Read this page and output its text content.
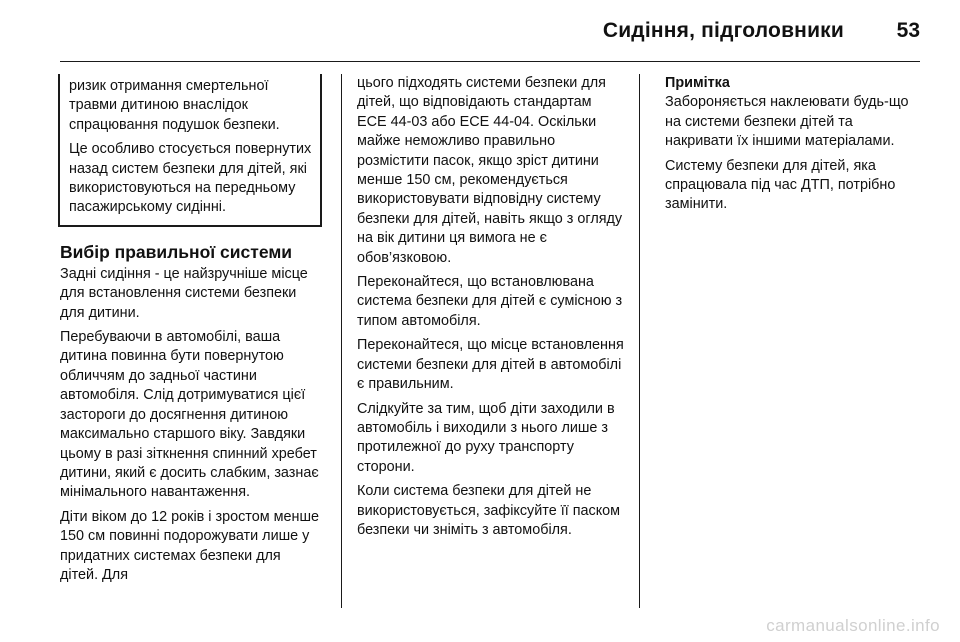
Сидіння, підголовники	53

ризик отримання смертельної травми дитиною внаслідок спрацювання подушок безпеки.

Це особливо стосується повернутих назад систем безпеки для дітей, які використовуються на передньому пасажирському сидінні.

Вибір правильної системи

Задні сидіння - це найзручніше місце для встановлення системи безпеки для дитини.

Перебуваючи в автомобілі, ваша дитина повинна бути повернутою обличчям до задньої частини автомобіля. Слід дотримуватися цієї застороги до досягнення дитиною максимально старшого віку. Завдяки цьому в разі зіткнення спинний хребет дитини, який є досить слабким, зазнає мінімального навантаження.

Діти віком до 12 років і зростом менше 150 см повинні подорожувати лише у придатних системах безпеки для дітей. Для

цього підходять системи безпеки для дітей, що відповідають стандартам ECE 44-03 або ECE 44-04. Оскільки майже неможливо правильно розмістити пасок, якщо зріст дитини менше 150 см, рекомендується використовувати відповідну систему безпеки для дітей, навіть якщо з огляду на вік дитини ця вимога не є обов’язковою.

Переконайтеся, що встановлювана система безпеки для дітей є сумісною з типом автомобіля.

Переконайтеся, що місце встановлення системи безпеки для дітей в автомобілі є правильним.

Слідкуйте за тим, щоб діти заходили в автомобіль і виходили з нього лише з протилежної до руху транспорту сторони.

Коли система безпеки для дітей не використовується, зафіксуйте її паском безпеки чи зніміть з автомобіля.

Примітка

Забороняється наклеювати будь-що на системи безпеки дітей та накривати їх іншими матеріалами.

Систему безпеки для дітей, яка спрацювала під час ДТП, потрібно замінити.

carmanualsonline.info
